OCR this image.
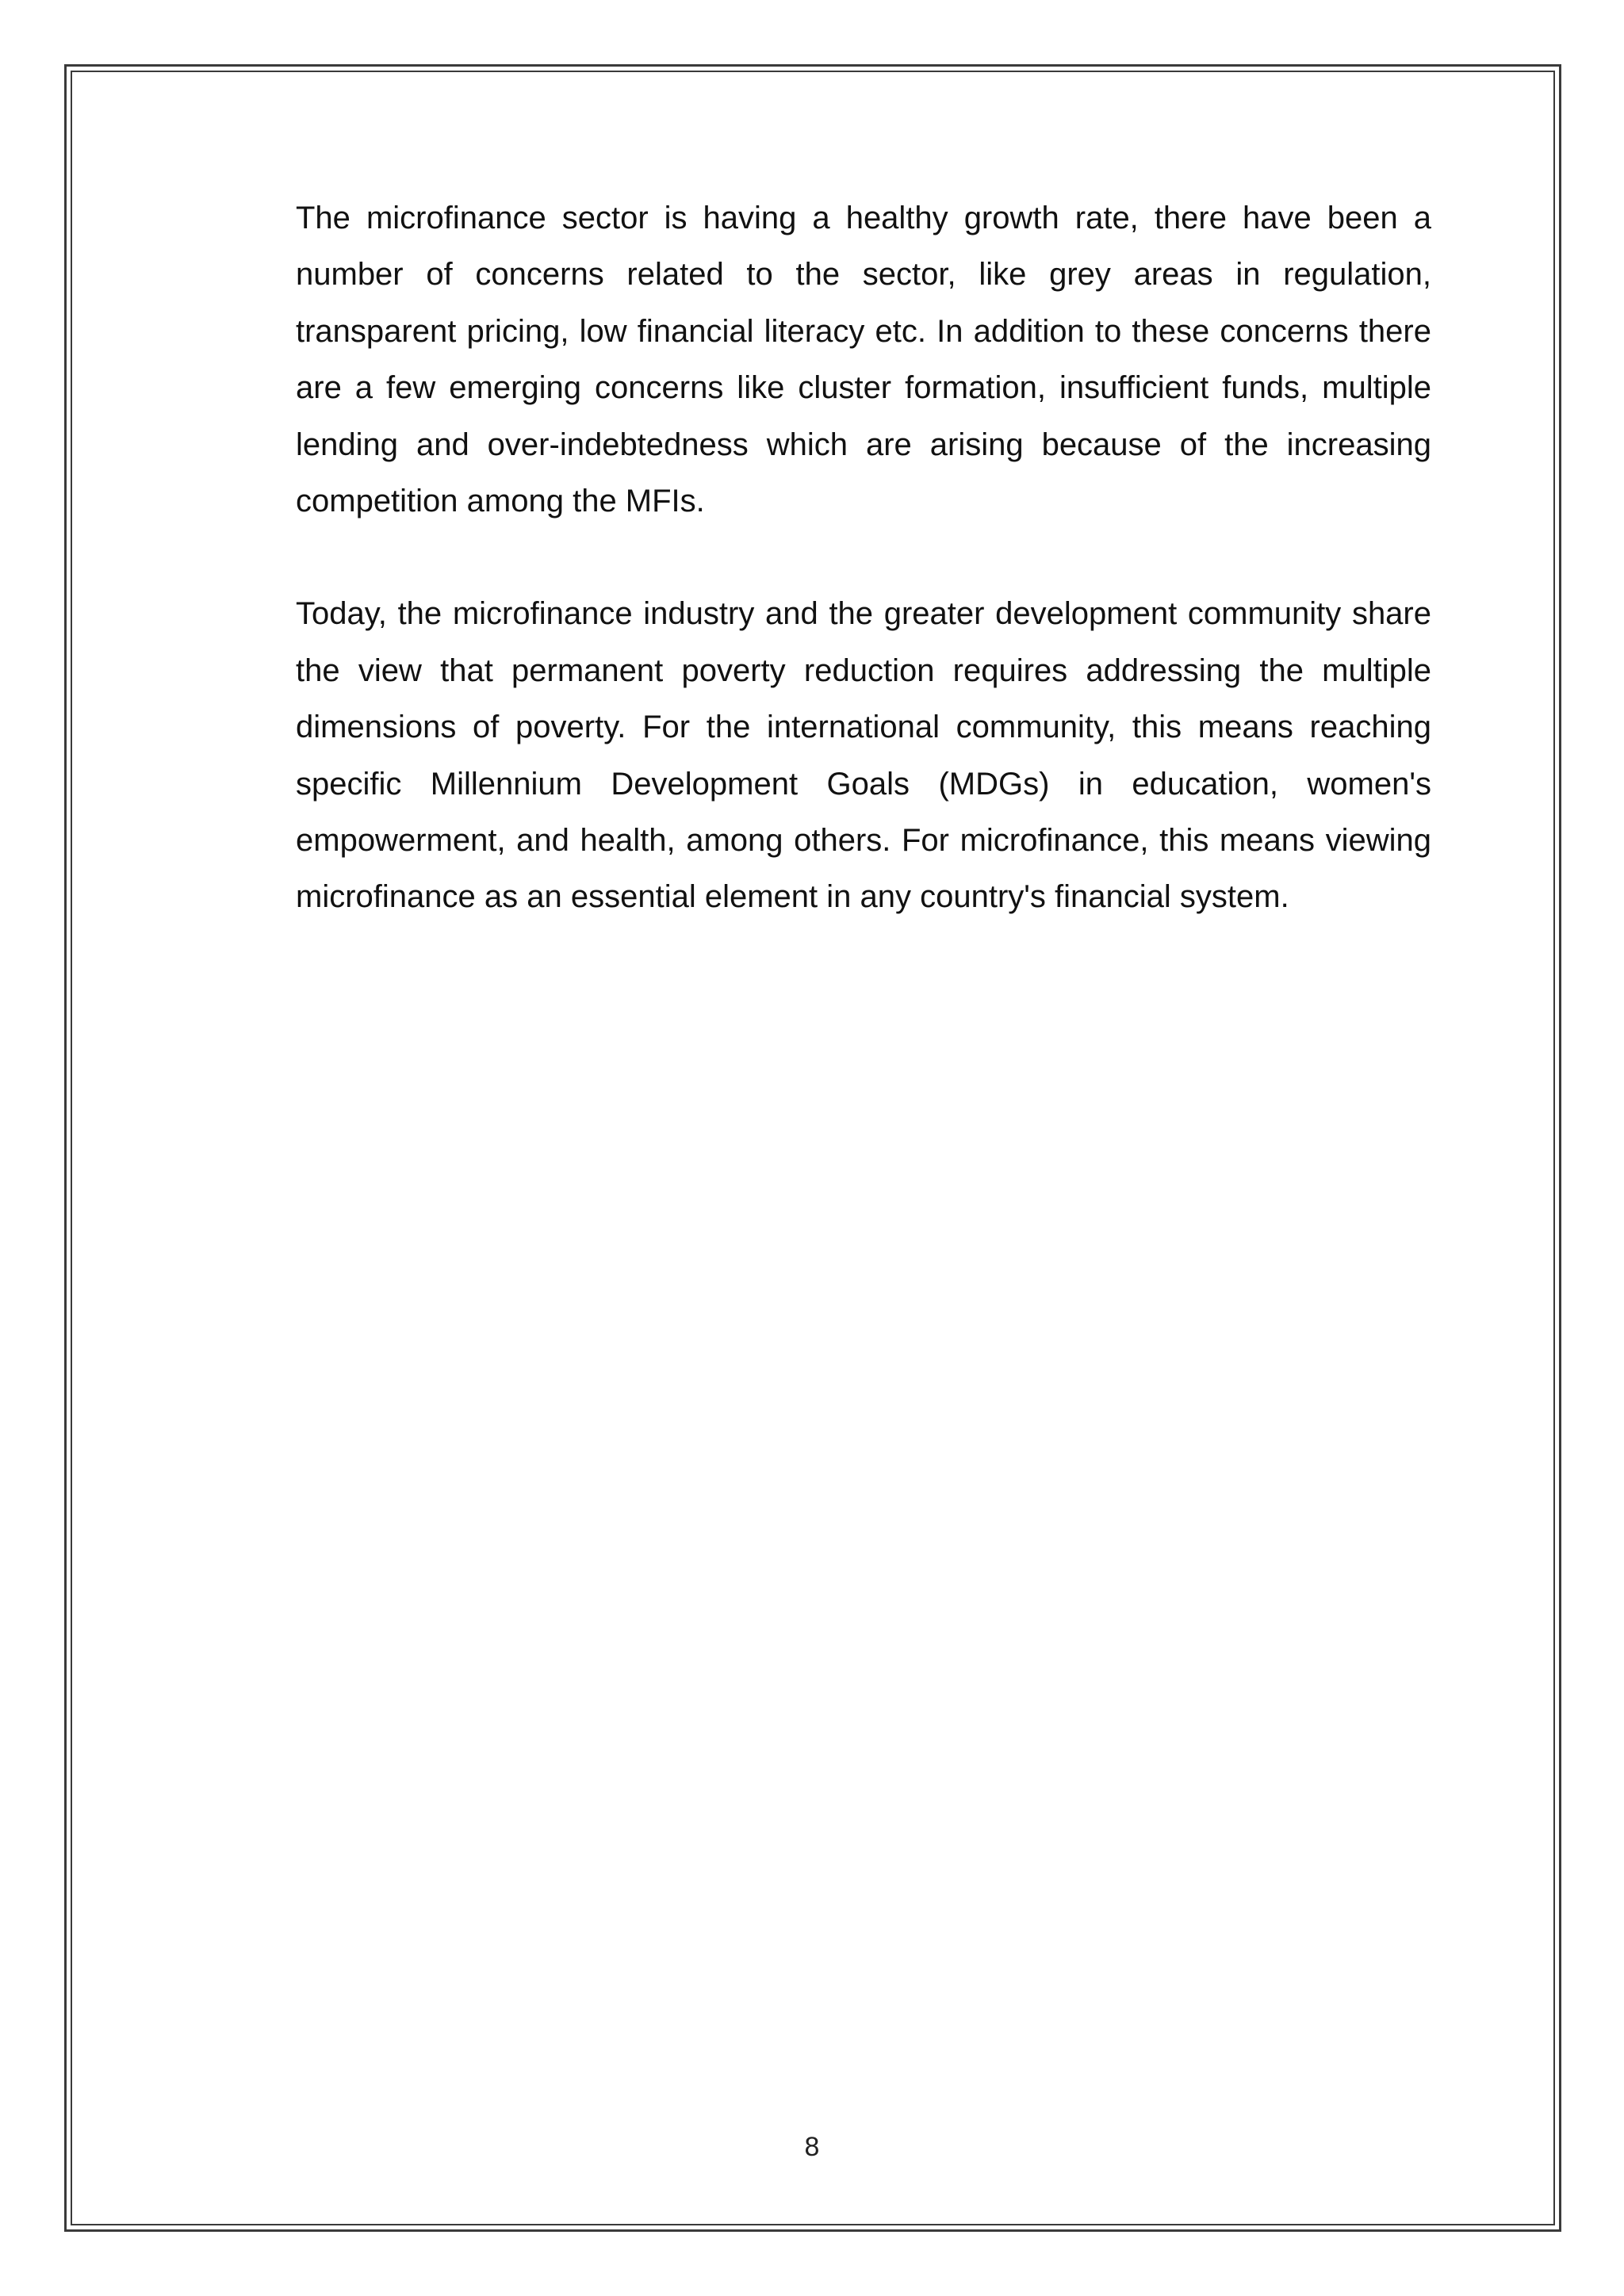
The microfinance sector is having a healthy growth rate, there have been a number of concerns related to the sector, like grey areas in regulation, transparent pricing, low financial literacy etc. In addition to these concerns there are a few emerging concerns like cluster formation, insufficient funds, multiple lending and over-indebtedness which are arising because of the increasing competition among the MFIs.

Today, the microfinance industry and the greater development community share the view that permanent poverty reduction requires addressing the multiple dimensions of poverty. For the international community, this means reaching specific Millennium Development Goals (MDGs) in education, women's empowerment, and health, among others. For microfinance, this means viewing microfinance as an essential element in any country's financial system.

8
